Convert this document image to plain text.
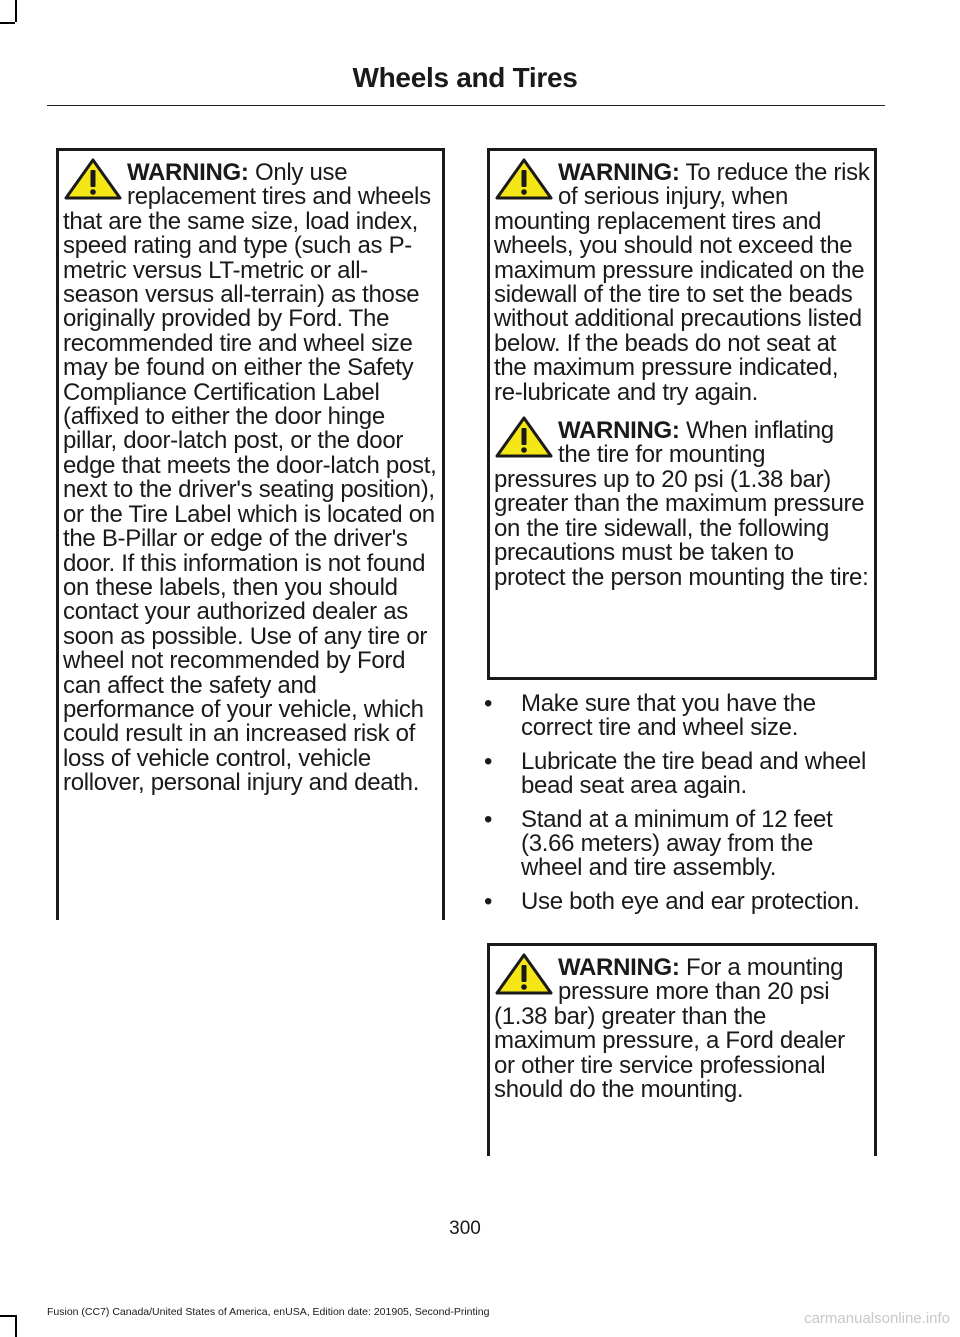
Wheels and Tires

WARNING: Only use replacement tires and wheels that are the same size, load index, speed rating and type (such as P-metric versus LT-metric or all-season versus all-terrain) as those originally provided by Ford. The recommended tire and wheel size may be found on either the Safety Compliance Certification Label (affixed to either the door hinge pillar, door-latch post, or the door edge that meets the door-latch post, next to the driver's seating position), or the Tire Label which is located on the B-Pillar or edge of the driver's door. If this information is not found on these labels, then you should contact your authorized dealer as soon as possible. Use of any tire or wheel not recommended by Ford can affect the safety and performance of your vehicle, which could result in an increased risk of loss of vehicle control, vehicle rollover, personal injury and death.

WARNING: To reduce the risk of serious injury, when mounting replacement tires and wheels, you should not exceed the maximum pressure indicated on the sidewall of the tire to set the beads without additional precautions listed below. If the beads do not seat at the maximum pressure indicated, re-lubricate and try again.

WARNING: When inflating the tire for mounting pressures up to 20 psi (1.38 bar) greater than the maximum pressure on the tire sidewall, the following precautions must be taken to protect the person mounting the tire:

• Make sure that you have the correct tire and wheel size.
• Lubricate the tire bead and wheel bead seat area again.
• Stand at a minimum of 12 feet (3.66 meters) away from the wheel and tire assembly.
• Use both eye and ear protection.

WARNING: For a mounting pressure more than 20 psi (1.38 bar) greater than the maximum pressure, a Ford dealer or other tire service professional should do the mounting.

300
Fusion (CC7) Canada/United States of America, enUSA, Edition date: 201905, Second-Printing	carmanualsonline.info
